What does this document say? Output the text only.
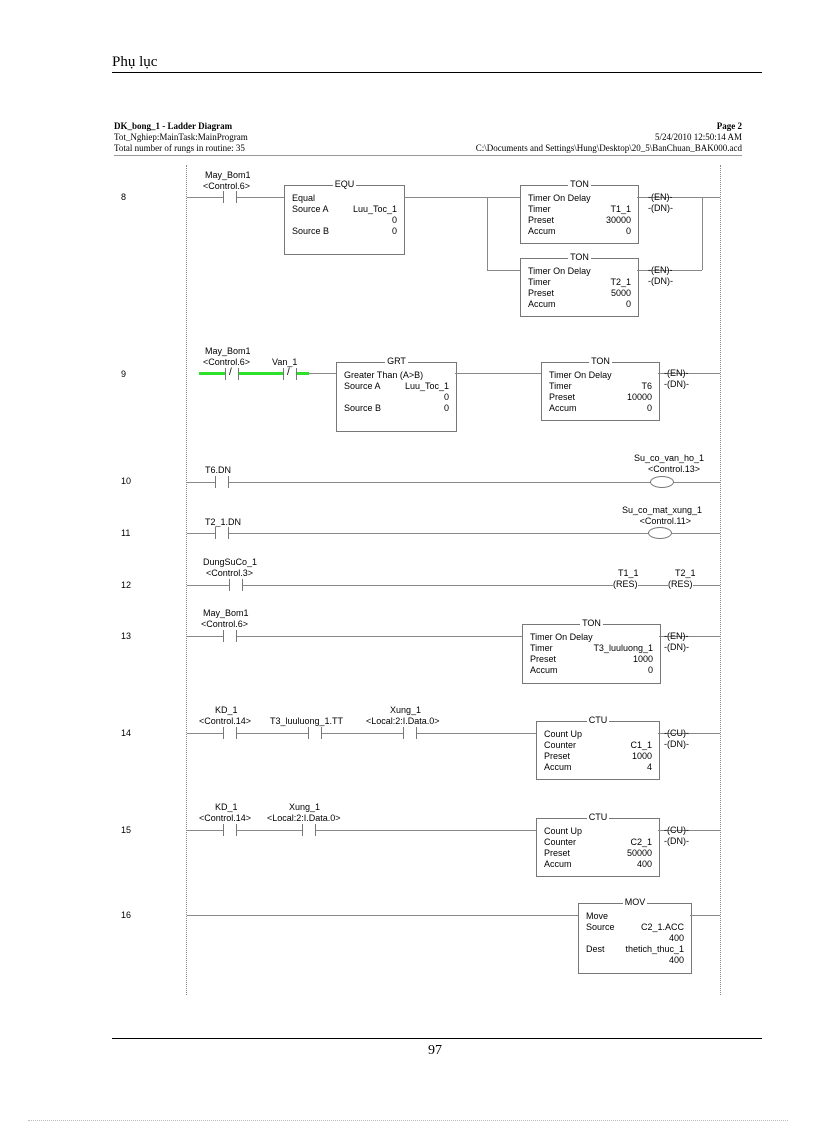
Phụ lục
DK_bong_1 - Ladder Diagram
Tot_Nghiep:MainTask:MainProgram
Total number of rungs in routine: 35
Page 2
5/24/2010 12:50:14 AM
C:\Documents and Settings\Hung\Desktop\20_5\BanChuan_BAK000.acd
8
May_Bom1
<Control.6>	EQU
Equal
Source A	Luu_Toc_1
0
Source B	0
TON
Timer On Delay
Timer	T1_1
Preset	30000
Accum	0
-(EN)-
-(DN)-
TON
Timer On Delay
Timer	T2_1
Preset	5000
Accum	0
-(EN)-
-(DN)-
9
May_Bom1
<Control.6> Van_1
/
/	GRT
Greater Than (A>B)
Source A	Luu_Toc_1
0
Source B	0
TON
Timer On Delay
Timer	T6
Preset	10000
Accum	0
-(EN)-
-(DN)-
10
T6.DN
Su_co_van_ho_1
<Control.13>
11
T2_1.DN
Su_co_mat_xung_1
<Control.11>
12
DungSuCo_1
<Control.3>	T1_1	T2_1
(RES)	(RES)
13
May_Bom1
<Control.6>	TON
Timer On Delay
Timer	T3_luuluong_1
Preset	1000
Accum	0
-(EN)-
-(DN)-
14
KD_1
<Control.14> T3_luuluong_1.TT
Xung_1
<Local:2:I.Data.0>	CTU
Count Up
Counter	C1_1
Preset	1000
Accum	4
-(CU)-
-(DN)-
15
KD_1
<Control.14>
Xung_1
<Local:2:I.Data.0>	CTU
Count Up
Counter	C2_1
Preset	50000
Accum	400
-(CU)-
-(DN)-
16
MOV
Move
Source	C2_1.ACC
400
Dest thetich_thuc_1
400
97
